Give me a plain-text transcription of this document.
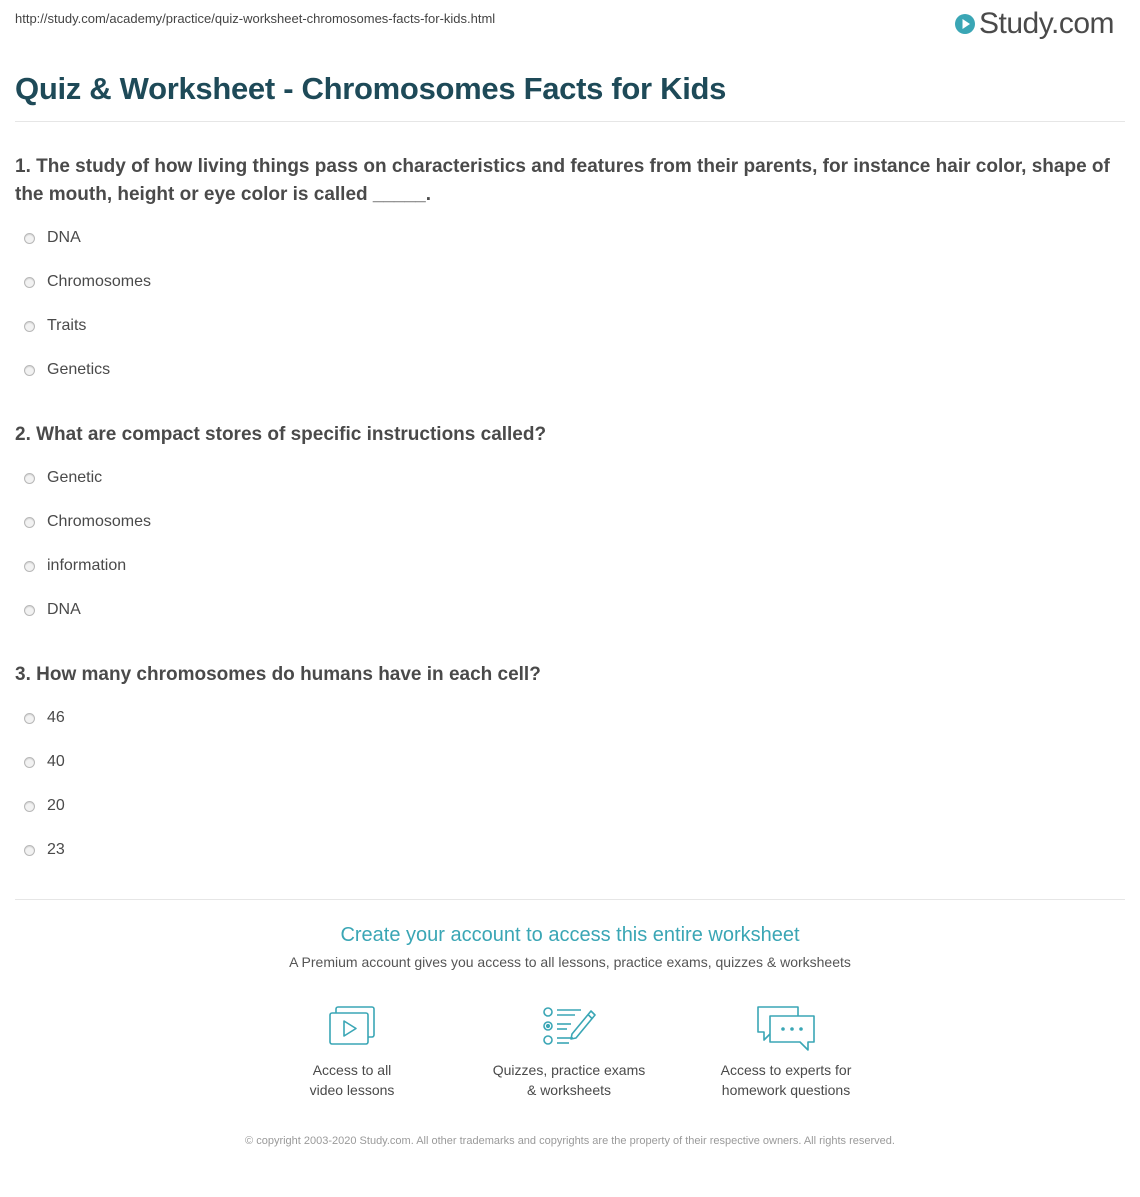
http://study.com/academy/practice/quiz-worksheet-chromosomes-facts-for-kids.html	Study.com
Quiz & Worksheet - Chromosomes Facts for Kids

1. The study of how living things pass on characteristics and features from their parents, for instance hair color, shape of the mouth, height or eye color is called _____.

DNA
Chromosomes
Traits
Genetics

2. What are compact stores of specific instructions called?

Genetic
Chromosomes
information
DNA

3. How many chromosomes do humans have in each cell?

46
40
20
23
Create your account to access this entire worksheet
A Premium account gives you access to all lessons, practice exams, quizzes & worksheets
Access to all
video lessons
Quizzes, practice exams
& worksheets
Access to experts for
homework questions
© copyright 2003-2020 Study.com. All other trademarks and copyrights are the property of their respective owners. All rights reserved.
